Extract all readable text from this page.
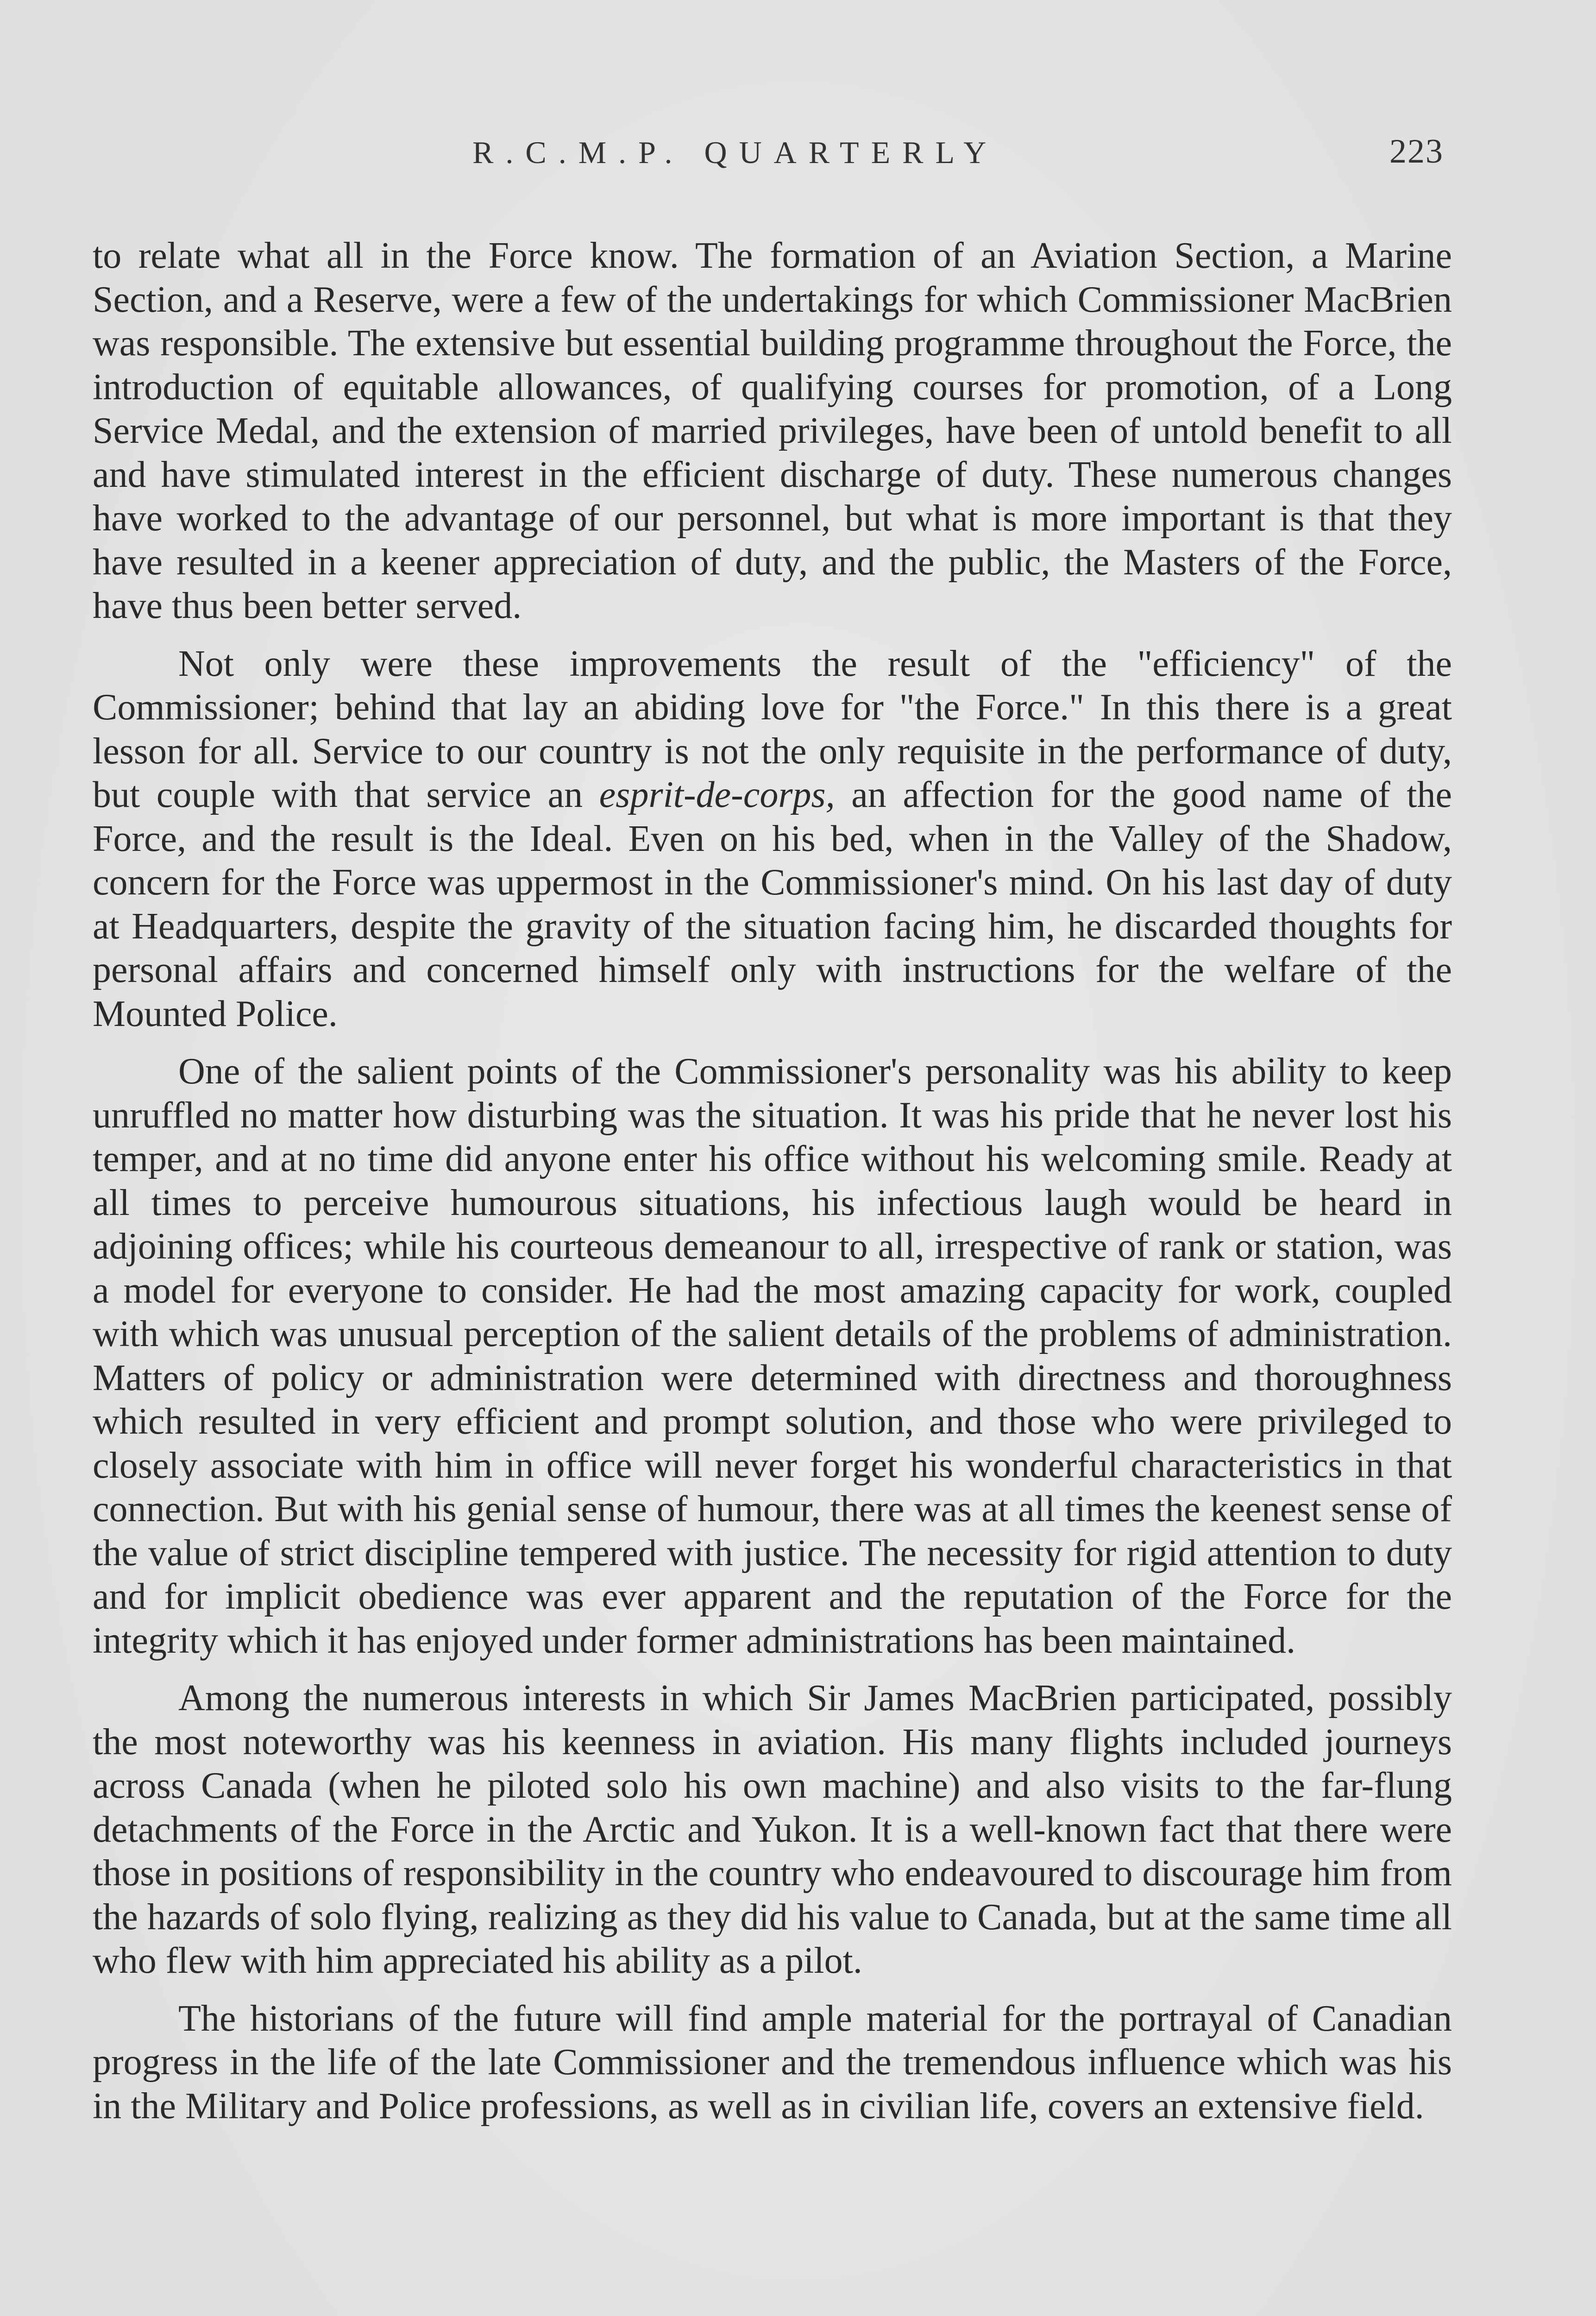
R.C.M.P. QUARTERLY	223

to relate what all in the Force know. The formation of an Aviation Section, a Marine Section, and a Reserve, were a few of the undertakings for which Commissioner MacBrien was responsible. The extensive but essential building programme throughout the Force, the introduction of equitable allowances, of qualifying courses for promotion, of a Long Service Medal, and the extension of married privileges, have been of untold benefit to all and have stimulated interest in the efficient discharge of duty. These numerous changes have worked to the advantage of our personnel, but what is more important is that they have resulted in a keener appreciation of duty, and the public, the Masters of the Force, have thus been better served.

Not only were these improvements the result of the "efficiency" of the Commissioner; behind that lay an abiding love for "the Force." In this there is a great lesson for all. Service to our country is not the only requisite in the performance of duty, but couple with that service an esprit-de-corps, an affection for the good name of the Force, and the result is the Ideal. Even on his bed, when in the Valley of the Shadow, concern for the Force was uppermost in the Commissioner's mind. On his last day of duty at Headquarters, despite the gravity of the situation facing him, he discarded thoughts for personal affairs and concerned himself only with instructions for the welfare of the Mounted Police.

One of the salient points of the Commissioner's personality was his ability to keep unruffled no matter how disturbing was the situation. It was his pride that he never lost his temper, and at no time did anyone enter his office without his welcoming smile. Ready at all times to perceive humourous situations, his infectious laugh would be heard in adjoining offices; while his courteous demeanour to all, irrespective of rank or station, was a model for everyone to consider. He had the most amazing capacity for work, coupled with which was unusual perception of the salient details of the problems of administration. Matters of policy or administration were determined with directness and thoroughness which resulted in very efficient and prompt solution, and those who were privileged to closely associate with him in office will never forget his wonderful characteristics in that connection. But with his genial sense of humour, there was at all times the keenest sense of the value of strict discipline tempered with justice. The necessity for rigid attention to duty and for implicit obedience was ever apparent and the reputation of the Force for the integrity which it has enjoyed under former administrations has been maintained.

Among the numerous interests in which Sir James MacBrien participated, possibly the most noteworthy was his keenness in aviation. His many flights included journeys across Canada (when he piloted solo his own machine) and also visits to the far-flung detachments of the Force in the Arctic and Yukon. It is a well-known fact that there were those in positions of responsibility in the country who endeavoured to discourage him from the hazards of solo flying, realizing as they did his value to Canada, but at the same time all who flew with him appreciated his ability as a pilot.

The historians of the future will find ample material for the portrayal of Canadian progress in the life of the late Commissioner and the tremendous influence which was his in the Military and Police professions, as well as in civilian life, covers an extensive field.
